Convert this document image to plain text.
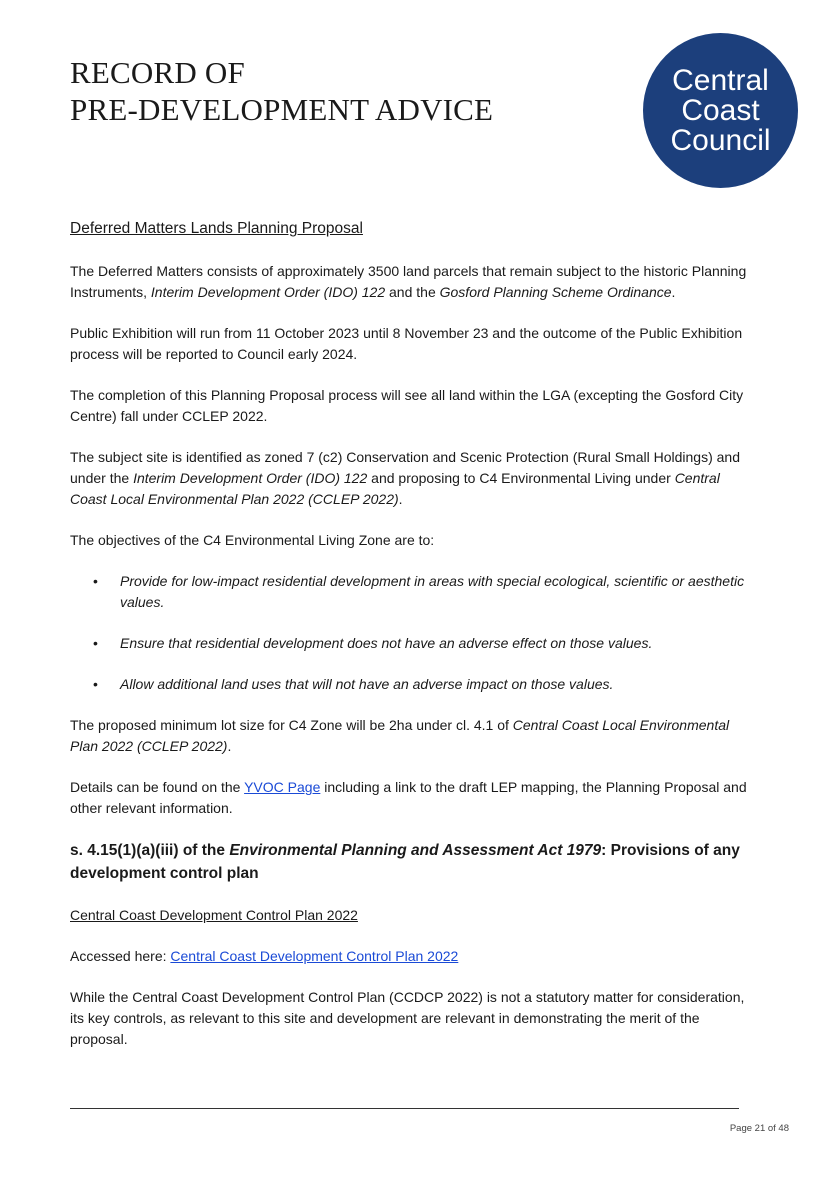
RECORD OF
PRE-DEVELOPMENT ADVICE
Central
Coast
Council

Deferred Matters Lands Planning Proposal

The Deferred Matters consists of approximately 3500 land parcels that remain subject to the historic Planning Instruments, Interim Development Order (IDO) 122 and the Gosford Planning Scheme Ordinance.

Public Exhibition will run from 11 October 2023 until 8 November 23 and the outcome of the Public Exhibition process will be reported to Council early 2024.

The completion of this Planning Proposal process will see all land within the LGA (excepting the Gosford City Centre) fall under CCLEP 2022.

The subject site is identified as zoned 7 (c2) Conservation and Scenic Protection (Rural Small Holdings) and under the Interim Development Order (IDO) 122 and proposing to C4 Environmental Living under Central Coast Local Environmental Plan 2022 (CCLEP 2022).

The objectives of the C4 Environmental Living Zone are to:

• Provide for low-impact residential development in areas with special ecological, scientific or aesthetic values.
• Ensure that residential development does not have an adverse effect on those values.
• Allow additional land uses that will not have an adverse impact on those values.

The proposed minimum lot size for C4 Zone will be 2ha under cl. 4.1 of Central Coast Local Environmental Plan 2022 (CCLEP 2022).

Details can be found on the YVOC Page including a link to the draft LEP mapping, the Planning Proposal and other relevant information.

s. 4.15(1)(a)(iii) of the Environmental Planning and Assessment Act 1979: Provisions of any development control plan

Central Coast Development Control Plan 2022

Accessed here: Central Coast Development Control Plan 2022

While the Central Coast Development Control Plan (CCDCP 2022) is not a statutory matter for consideration, its key controls, as relevant to this site and development are relevant in demonstrating the merit of the proposal.

Page 21 of 48
